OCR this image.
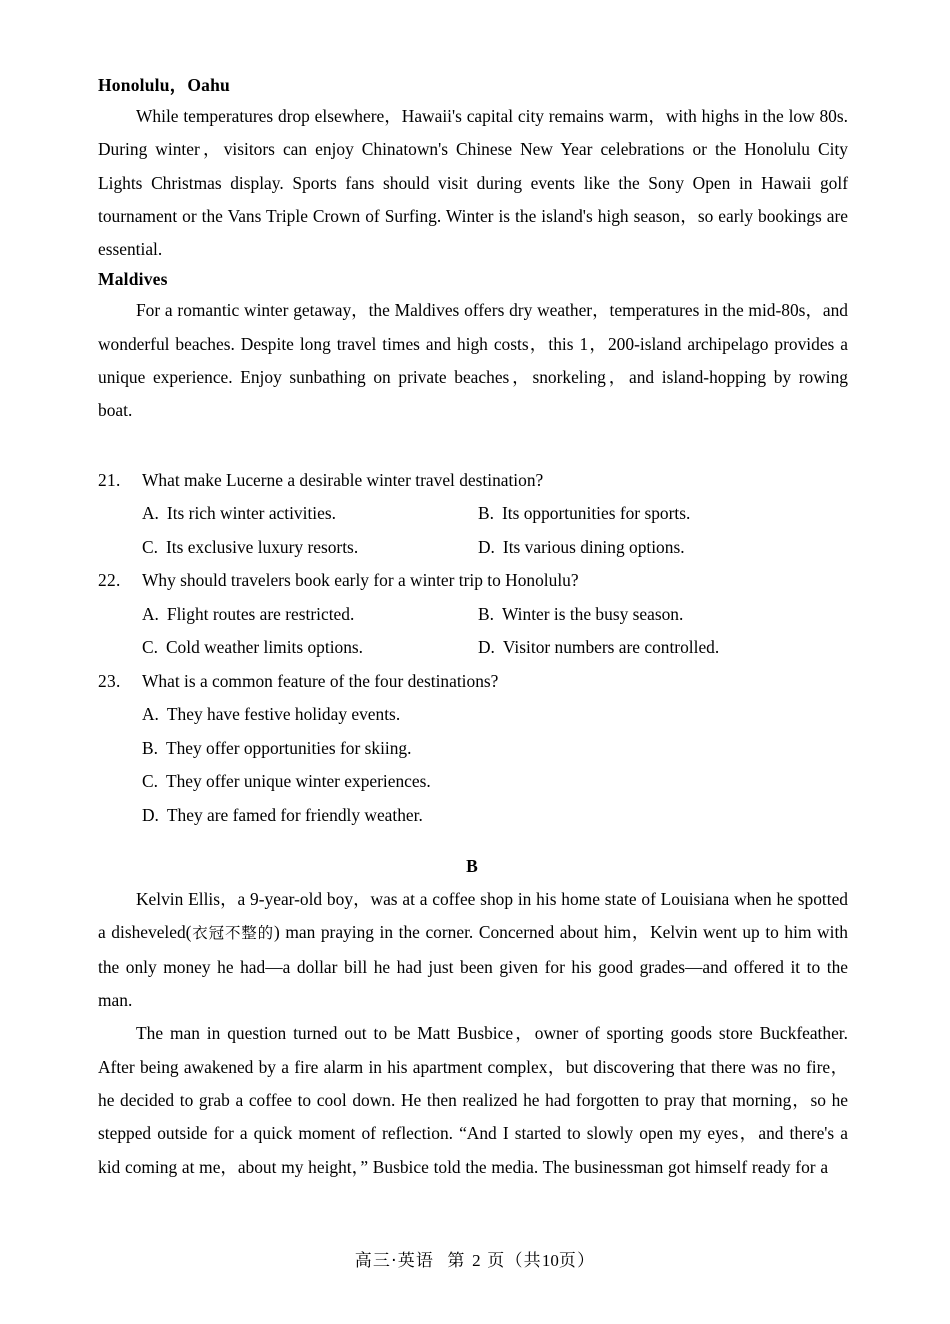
Honolulu，Oahu

While temperatures drop elsewhere，Hawaii's capital city remains warm，with highs in the low 80s. During winter，visitors can enjoy Chinatown's Chinese New Year celebrations or the Honolulu City Lights Christmas display. Sports fans should visit during events like the Sony Open in Hawaii golf tournament or the Vans Triple Crown of Surfing. Winter is the island's high season，so early bookings are essential.

Maldives

For a romantic winter getaway，the Maldives offers dry weather，temperatures in the mid-80s，and wonderful beaches. Despite long travel times and high costs，this 1，200-island archipelago provides a unique experience. Enjoy sunbathing on private beaches，snorkeling，and island-hopping by rowing boat.

21.	What make Lucerne a desirable winter travel destination?
A. Its rich winter activities.	B. Its opportunities for sports.
C. Its exclusive luxury resorts.	D. Its various dining options.
22.	Why should travelers book early for a winter trip to Honolulu?
A. Flight routes are restricted.	B. Winter is the busy season.
C. Cold weather limits options.	D. Visitor numbers are controlled.
23.	What is a common feature of the four destinations?
A. They have festive holiday events.
B. They offer opportunities for skiing.
C. They offer unique winter experiences.
D. They are famed for friendly weather.
B

Kelvin Ellis，a 9-year-old boy，was at a coffee shop in his home state of Louisiana when he spotted a disheveled(衣冠不整的) man praying in the corner. Concerned about him，Kelvin went up to him with the only money he had—a dollar bill he had just been given for his good grades—and offered it to the man.

The man in question turned out to be Matt Busbice，owner of sporting goods store Buckfeather. After being awakened by a fire alarm in his apartment complex，but discovering that there was no fire，he decided to grab a coffee to cool down. He then realized he had forgotten to pray that morning，so he stepped outside for a quick moment of reflection. “And I started to slowly open my eyes，and there's a kid coming at me，about my height，” Busbice told the media. The businessman got himself ready for a

高三·英语 第 2 页（共10页）
